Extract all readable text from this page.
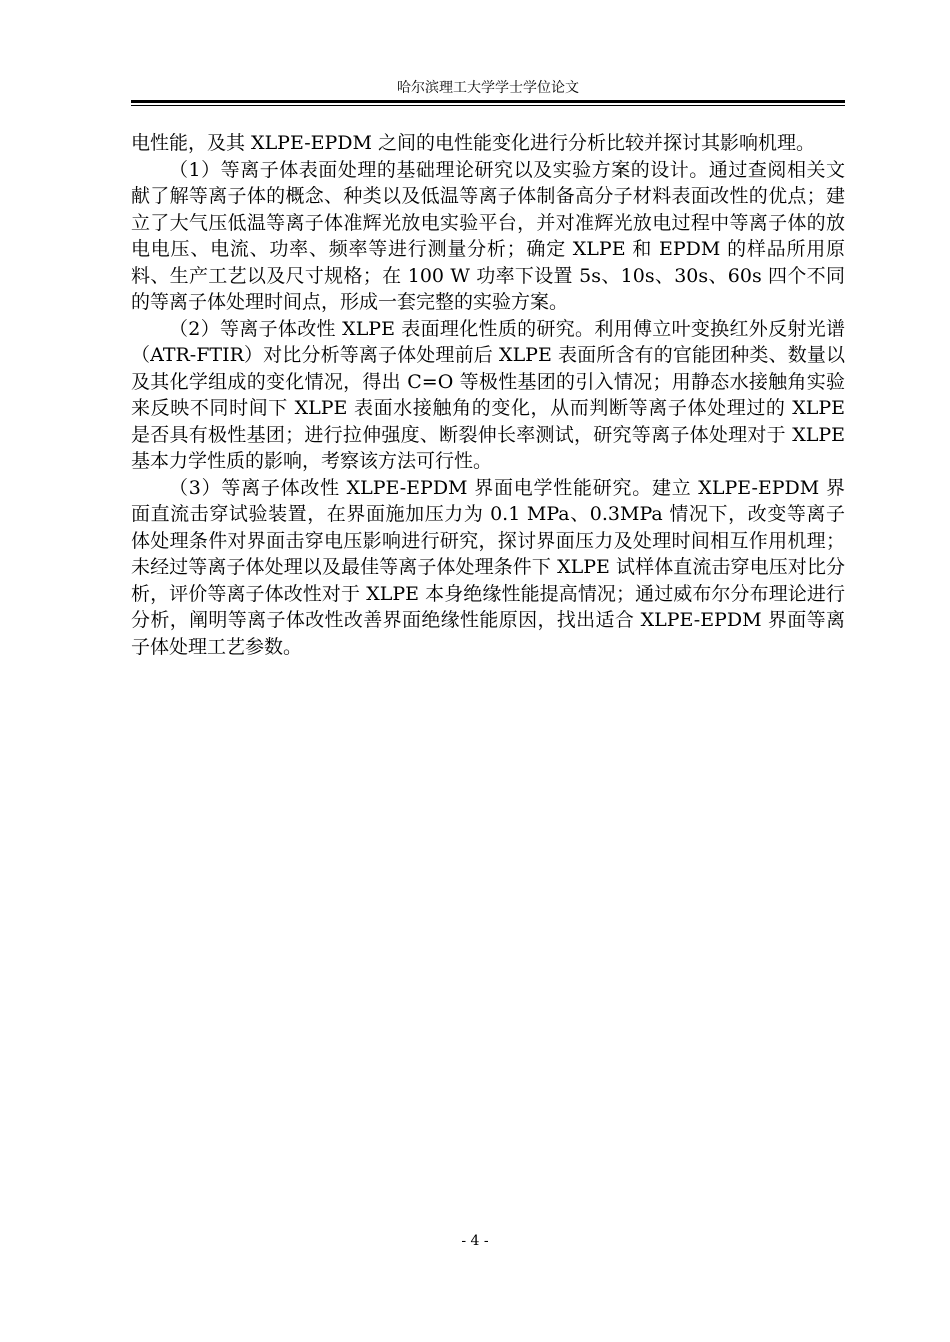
哈尔滨理工大学学士学位论文

电性能，及其 XLPE-EPDM 之间的电性能变化进行分析比较并探讨其影响机理。

（1）等离子体表面处理的基础理论研究以及实验方案的设计。通过查阅相关文献了解等离子体的概念、种类以及低温等离子体制备高分子材料表面改性的优点；建立了大气压低温等离子体准辉光放电实验平台，并对准辉光放电过程中等离子体的放电电压、电流、功率、频率等进行测量分析；确定 XLPE 和 EPDM 的样品所用原料、生产工艺以及尺寸规格；在 100 W 功率下设置 5s、10s、30s、60s 四个不同的等离子体处理时间点，形成一套完整的实验方案。

（2）等离子体改性 XLPE 表面理化性质的研究。利用傅立叶变换红外反射光谱（ATR-FTIR）对比分析等离子体处理前后 XLPE 表面所含有的官能团种类、数量以及其化学组成的变化情况，得出 C=O 等极性基团的引入情况；用静态水接触角实验来反映不同时间下 XLPE 表面水接触角的变化，从而判断等离子体处理过的 XLPE 是否具有极性基团；进行拉伸强度、断裂伸长率测试，研究等离子体处理对于 XLPE 基本力学性质的影响，考察该方法可行性。

（3）等离子体改性 XLPE-EPDM 界面电学性能研究。建立 XLPE-EPDM 界面直流击穿试验装置，在界面施加压力为 0.1 MPa、0.3MPa 情况下，改变等离子体处理条件对界面击穿电压影响进行研究，探讨界面压力及处理时间相互作用机理；未经过等离子体处理以及最佳等离子体处理条件下 XLPE 试样体直流击穿电压对比分析，评价等离子体改性对于 XLPE 本身绝缘性能提高情况；通过威布尔分布理论进行分析，阐明等离子体改性改善界面绝缘性能原因，找出适合 XLPE-EPDM 界面等离子体处理工艺参数。

- 4 -
